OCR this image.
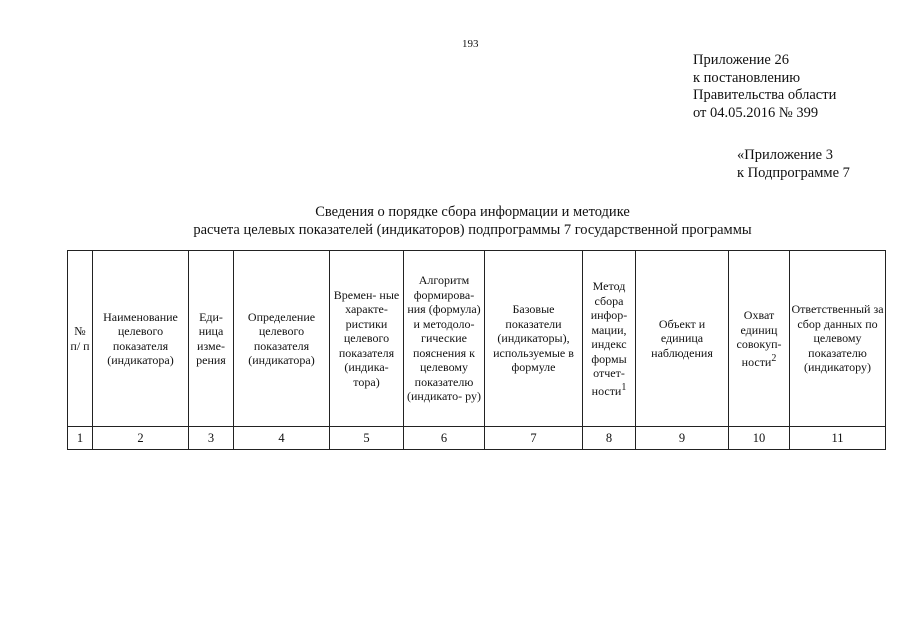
193
Приложение 26
к постановлению
Правительства области
от 04.05.2016 № 399
«Приложение 3
к Подпрограмме 7
Сведения о порядке сбора информации и методике
расчета целевых показателей (индикаторов) подпрограммы 7 государственной программы
№ п/ п	Наименование целевого показателя (индикатора)	Еди- ница изме- рения	Определение целевого показателя (индикатора)	Времен- ные характе- ристики целевого показателя (индика- тора)	Алгоритм формирова- ния (формула) и методоло- гические пояснения к целевому показателю (индикато- ру)	Базовые показатели (индикаторы), используемые в формуле	Метод сбора инфор- мации, индекс формы отчет- ности$^1$	Объект и единица наблюдения	Охват единиц совокуп- ности$^2$	Ответственный за сбор данных по целевому показателю (индикатору)
1	2	3	4	5	6	7	8	9	10	11
